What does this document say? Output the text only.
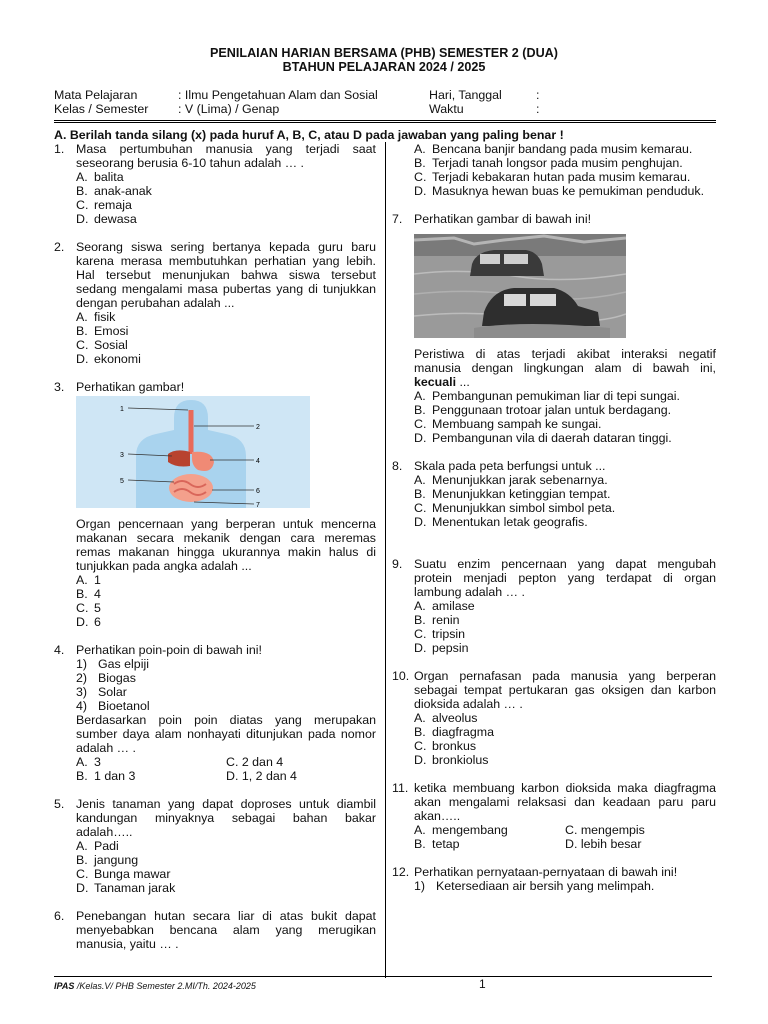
PENILAIAN HARIAN BERSAMA (PHB) SEMESTER 2 (DUA)
BTAHUN PELAJARAN 2024 / 2025
Mata Pelajaran	: Ilmu Pengetahuan Alam dan Sosial	Hari, Tanggal	:
Kelas / Semester : V (Lima) / Genap	Waktu	:
A. Berilah tanda silang (x) pada huruf A, B, C, atau D pada jawaban yang paling benar !
1. Masa pertumbuhan manusia yang terjadi saat seseorang berusia 6-10 tahun adalah … .
A. balita
B. anak-anak
C. remaja
D. dewasa
2. Seorang siswa sering bertanya kepada guru baru karena merasa membutuhkan perhatian yang lebih. Hal tersebut menunjukan bahwa siswa tersebut sedang mengalami masa pubertas yang di tunjukkan dengan perubahan adalah ...
A. fisik
B. Emosi
C. Sosial
D. ekonomi
3. Perhatikan gambar!
1
2
3
4
5
6
7
Organ pencernaan yang berperan untuk mencerna makanan secara mekanik dengan cara meremas remas makanan hingga ukurannya makin halus di tunjukkan pada angka adalah ...
A. 1
B. 4
C. 5
D. 6
4. Perhatikan poin-poin di bawah ini!
1) Gas elpiji
2) Biogas
3) Solar
4) Bioetanol
Berdasarkan poin poin diatas yang merupakan sumber daya alam nonhayati ditunjukan pada nomor adalah … .
A. 3	C. 2 dan 4
B. 1 dan 3	D. 1, 2 dan 4
5. Jenis tanaman yang dapat doproses untuk diambil kandungan minyaknya sebagai bahan bakar adalah…..
A. Padi
B. jangung
C. Bunga mawar
D. Tanaman jarak
6. Penebangan hutan secara liar di atas bukit dapat menyebabkan bencana alam yang merugikan manusia, yaitu … .
A. Bencana banjir bandang pada musim kemarau.
B. Terjadi tanah longsor pada musim penghujan.
C. Terjadi kebakaran hutan pada musim kemarau.
D. Masuknya hewan buas ke pemukiman penduduk.
7. Perhatikan gambar di bawah ini!
Peristiwa di atas terjadi akibat interaksi negatif manusia dengan lingkungan alam di bawah ini, kecuali ...
A. Pembangunan pemukiman liar di tepi sungai.
B. Penggunaan trotoar jalan untuk berdagang.
C. Membuang sampah ke sungai.
D. Pembangunan vila di daerah dataran tinggi.
8. Skala pada peta berfungsi untuk ...
A. Menunjukkan jarak sebenarnya.
B. Menunjukkan ketinggian tempat.
C. Menunjukkan simbol simbol peta.
D. Menentukan letak geografis.
9. Suatu enzim pencernaan yang dapat mengubah protein menjadi pepton yang terdapat di organ lambung adalah … .
A. amilase
B. renin
C. tripsin
D. pepsin
10. Organ pernafasan pada manusia yang berperan sebagai tempat pertukaran gas oksigen dan karbon dioksida adalah … .
A. alveolus
B. diagfragma
C. bronkus
D. bronkiolus
11. ketika membuang karbon dioksida maka diagfragma akan mengalami relaksasi dan keadaan paru paru akan…..
A. mengembang	C. mengempis
B. tetap	D. lebih besar
12. Perhatikan pernyataan-pernyataan di bawah ini!
1) Ketersediaan air bersih yang melimpah.
IPAS /Kelas.V/ PHB Semester 2.MI/Th. 2024-2025	1
